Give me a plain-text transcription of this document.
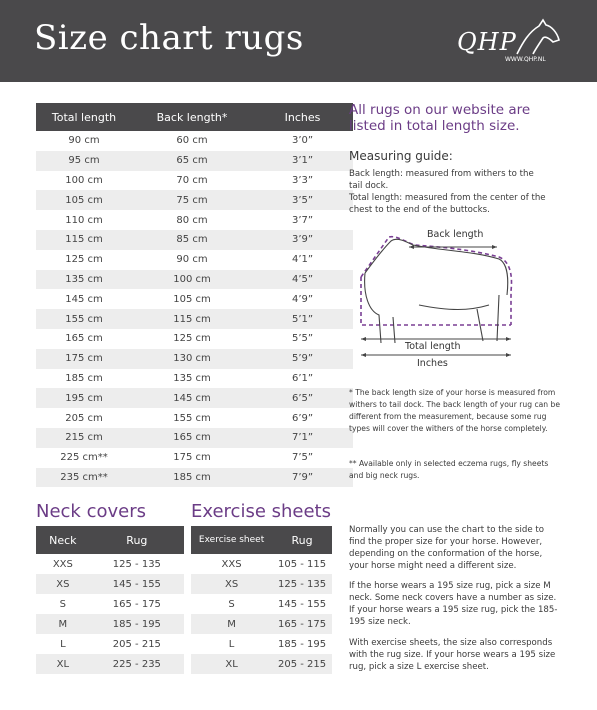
Size chart rugs	QHP
WWW.QHP.NL
Total length	Back length*	Inches
90 cm	60 cm	3’0”
95 cm	65 cm	3’1”
100 cm	70 cm	3’3”
105 cm	75 cm	3’5”
110 cm	80 cm	3’7”
115 cm	85 cm	3’9”
125 cm	90 cm	4’1”
135 cm	100 cm	4’5”
145 cm	105 cm	4’9”
155 cm	115 cm	5’1”
165 cm	125 cm	5’5”
175 cm	130 cm	5’9”
185 cm	135 cm	6’1”
195 cm	145 cm	6’5”
205 cm	155 cm	6’9”
215 cm	165 cm	7’1”
225 cm**	175 cm	7’5”
235 cm**	185 cm	7’9”
Neck covers
Neck	Rug
XXS	125 - 135
XS	145 - 155
S	165 - 175
M	185 - 195
L	205 - 215
XL	225 - 235
Exercise sheets
Exercise sheet	Rug
XXS	105 - 115
XS	125 - 135
S	145 - 155
M	165 - 175
L	185 - 195
XL	205 - 215
All rugs on our website are listed in total length size.
Measuring guide:
Back length: measured from withers to the tail dock.
Total length: measured from the center of the chest to the end of the buttocks.
Back length
Total length
Inches
* The back length size of your horse is measured from withers to tail dock. The back length of your rug can be different from the measurement, because some rug types will cover the withers of the horse completely.
** Available only in selected eczema rugs, fly sheets and big neck rugs.
Normally you can use the chart to the side to find the proper size for your horse. However, depending on the conformation of the horse, your horse might need a different size.
If the horse wears a 195 size rug, pick a size M neck. Some neck covers have a number as size. If your horse wears a 195 size rug, pick the 185-195 size neck.
With exercise sheets, the size also corresponds with the rug size. If your horse wears a 195 size rug, pick a size L exercise sheet.
